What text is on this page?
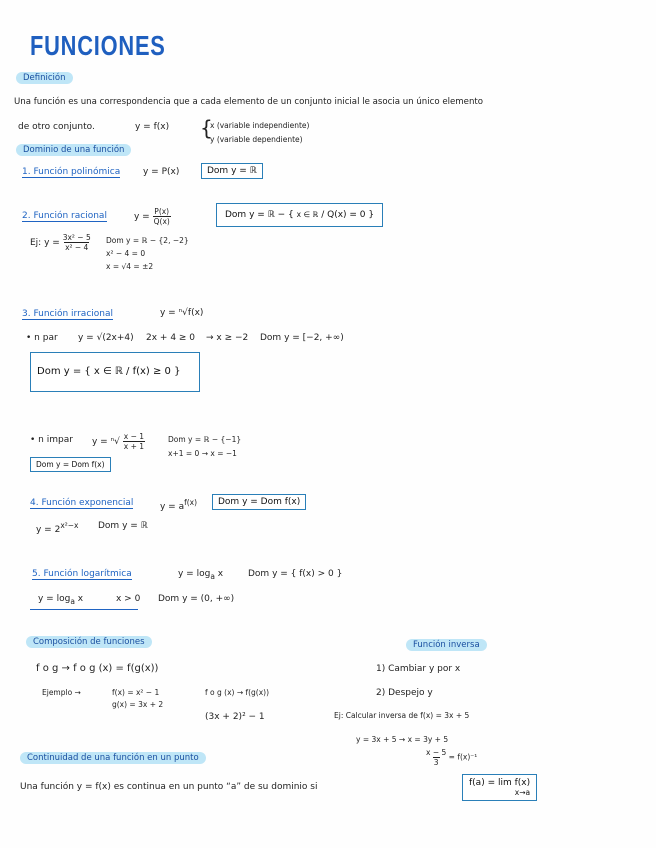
FUNCIONES
Definición
Una función es una correspondencia que a cada elemento de un conjunto inicial le asocia un único elemento
de otro conjunto.	y = f(x) {
x (variable independiente)
y (variable dependiente)
Dominio de una función
1. Función polinómica	y = P(x)	Dom y = ℝ
2. Función racional	$y = \frac{P(x)}{Q(x)}$	Dom y = ℝ − { x ∈ ℝ / Q(x) = 0 }
Ej: $y = \frac{\text{3x² − 5}}{\text{x² − 4}}$ Dom y = ℝ − {2, −2}
x² − 4 = 0
x = √4 = ±2
3. Función irracional	y = ⁿ√f(x)
• n par y = √(2x+4) 2x + 4 ≥ 0 → x ≥ −2 Dom y = [−2, +∞)
Dom y = { x ∈ ℝ / f(x) ≥ 0 }
• n impar $y = ^n√ \frac{x - 1}{x + 1}$	Dom y = ℝ − {−1}
x+1 = 0 → x = −1
Dom y = Dom f(x)
4. Función exponencial	$y = a^{f(x)}$	Dom y = Dom f(x)
$y = 2^{x^2-x}$ Dom y = ℝ
5. Función logarítmica	$y = \log_a x$	Dom y = { f(x) > 0 }
$y = \log_a x$	x > 0 Dom y = (0, +∞)
Composición de funciones
f o g → f o g (x) = f(g(x))
Ejemplo →	f(x) = x² − 1
g(x) = 3x + 2
f o g (x) → f(g(x))
(3x + 2)² − 1
Función inversa
1) Cambiar y por x
2) Despejo y
Ej: Calcular inversa de f(x) = 3x + 5
y = 3x + 5 → x = 3y + 5
$\frac{x - 5}{3} = f(x)^{-1}$
Continuidad de una función en un punto
Una función y = f(x) es continua en un punto “a” de su dominio si	f(a) = lim f(x)
x→a
